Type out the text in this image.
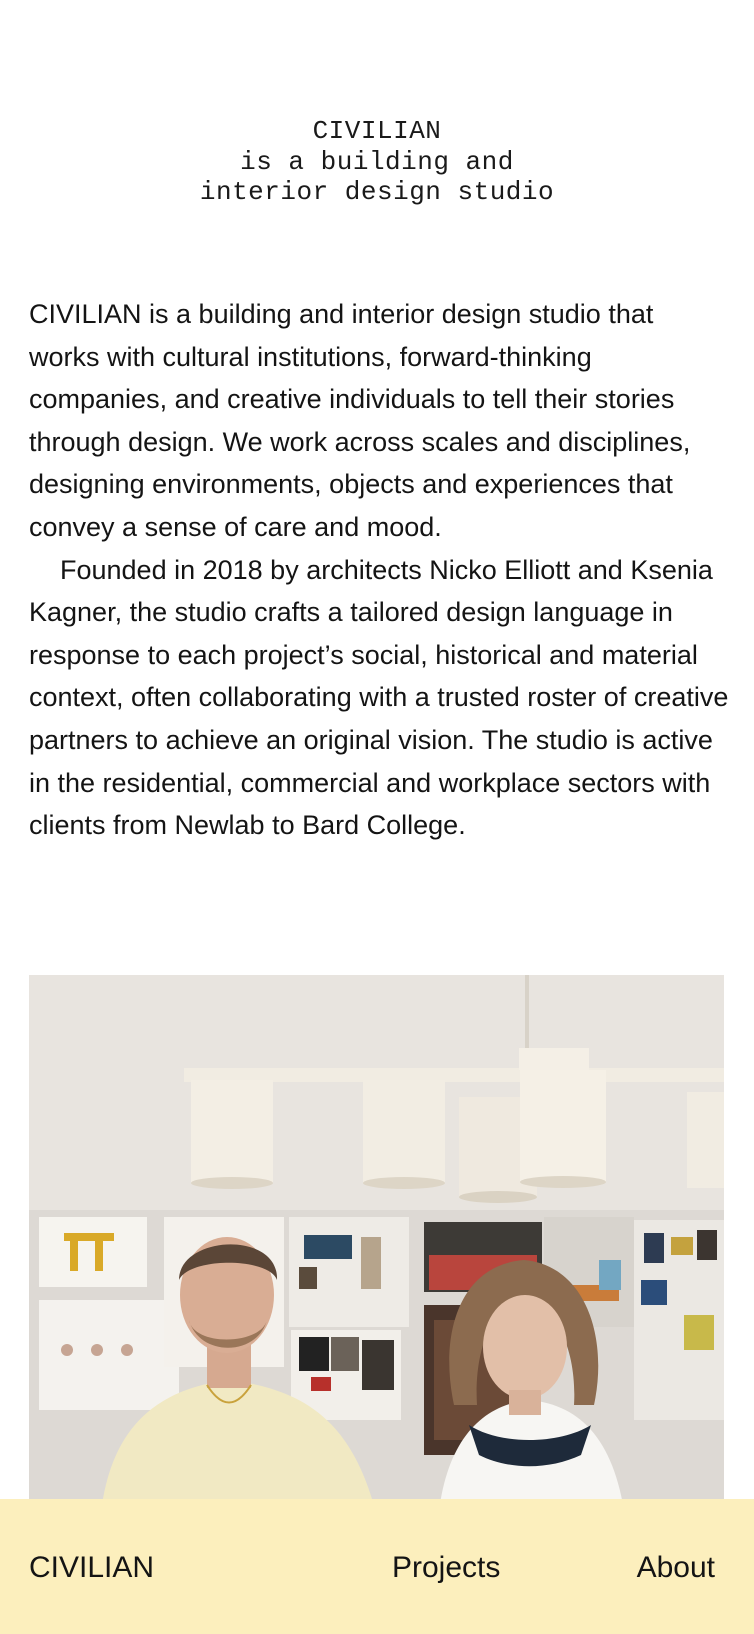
CIVILIAN
is a building and
interior design studio

CIVILIAN is a building and interior design studio that works with cultural institutions, forward-thinking companies, and creative individuals to tell their stories through design. We work across scales and disciplines, designing environments, objects and experiences that convey a sense of care and mood.

Founded in 2018 by architects Nicko Elliott and Ksenia Kagner, the studio crafts a tailored design language in response to each project’s social, historical and material context, often collaborating with a trusted roster of creative partners to achieve an original vision. The studio is active in the residential, commercial and workplace sectors with clients from Newlab to Bard College.

CIVILIAN	Projects	About
